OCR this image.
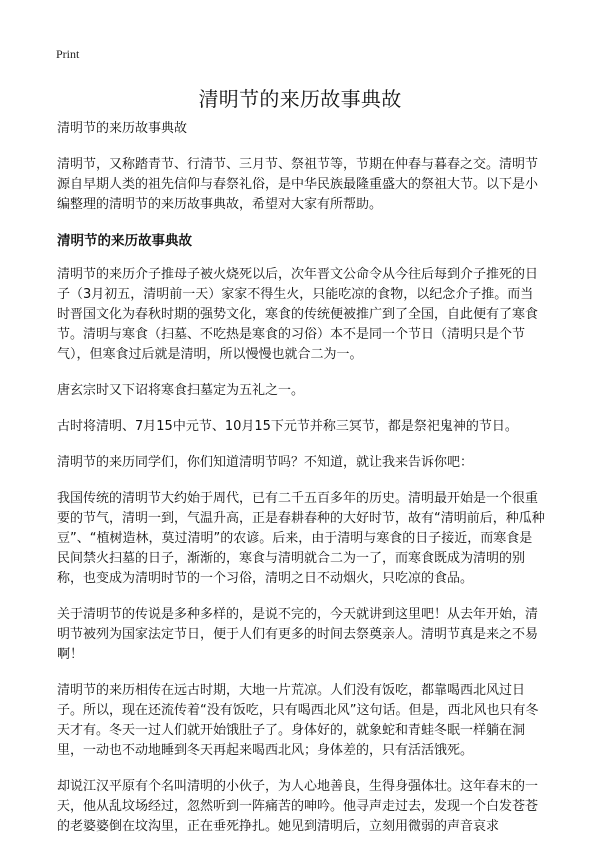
Print
清明节的来历故事典故

清明节的来历故事典故

清明节，又称踏青节、行清节、三月节、祭祖节等，节期在仲春与暮春之交。清明节源自早期人类的祖先信仰与春祭礼俗，是中华民族最隆重盛大的祭祖大节。以下是小编整理的清明节的来历故事典故，希望对大家有所帮助。

清明节的来历故事典故

清明节的来历介子推母子被火烧死以后，次年晋文公命令从今往后每到介子推死的日子（3月初五，清明前一天）家家不得生火，只能吃凉的食物，以纪念介子推。而当时晋国文化为春秋时期的强势文化，寒食的传统便被推广到了全国，自此便有了寒食节。清明与寒食（扫墓、不吃热是寒食的习俗）本不是同一个节日（清明只是个节气），但寒食过后就是清明，所以慢慢也就合二为一。

唐玄宗时又下诏将寒食扫墓定为五礼之一。

古时将清明、7月15中元节、10月15下元节并称三冥节，都是祭祀鬼神的节日。

清明节的来历同学们，你们知道清明节吗？不知道，就让我来告诉你吧：

我国传统的清明节大约始于周代，已有二千五百多年的历史。清明最开始是一个很重要的节气，清明一到，气温升高，正是春耕春种的大好时节，故有“清明前后，种瓜种豆”、“植树造林，莫过清明”的农谚。后来，由于清明与寒食的日子接近，而寒食是民间禁火扫墓的日子，渐渐的，寒食与清明就合二为一了，而寒食既成为清明的别称，也变成为清明时节的一个习俗，清明之日不动烟火，只吃凉的食品。

关于清明节的传说是多种多样的，是说不完的，今天就讲到这里吧！从去年开始，清明节被列为国家法定节日，便于人们有更多的时间去祭奠亲人。清明节真是来之不易啊！

清明节的来历相传在远古时期，大地一片荒凉。人们没有饭吃，都靠喝西北风过日子。所以，现在还流传着“没有饭吃，只有喝西北风”这句话。但是，西北风也只有冬天才有。冬天一过人们就开始饿肚子了。身体好的，就象蛇和青蛙冬眠一样躺在洞里，一动也不动地睡到冬天再起来喝西北风；身体差的，只有活活饿死。

却说江汉平原有个名叫清明的小伙子，为人心地善良，生得身强体壮。这年春末的一天，他从乱坟场经过，忽然听到一阵痛苦的呻吟。他寻声走过去，发现一个白发苍苍的老婆婆倒在坟沟里，正在垂死挣扎。她见到清明后，立刻用微弱的声音哀求
